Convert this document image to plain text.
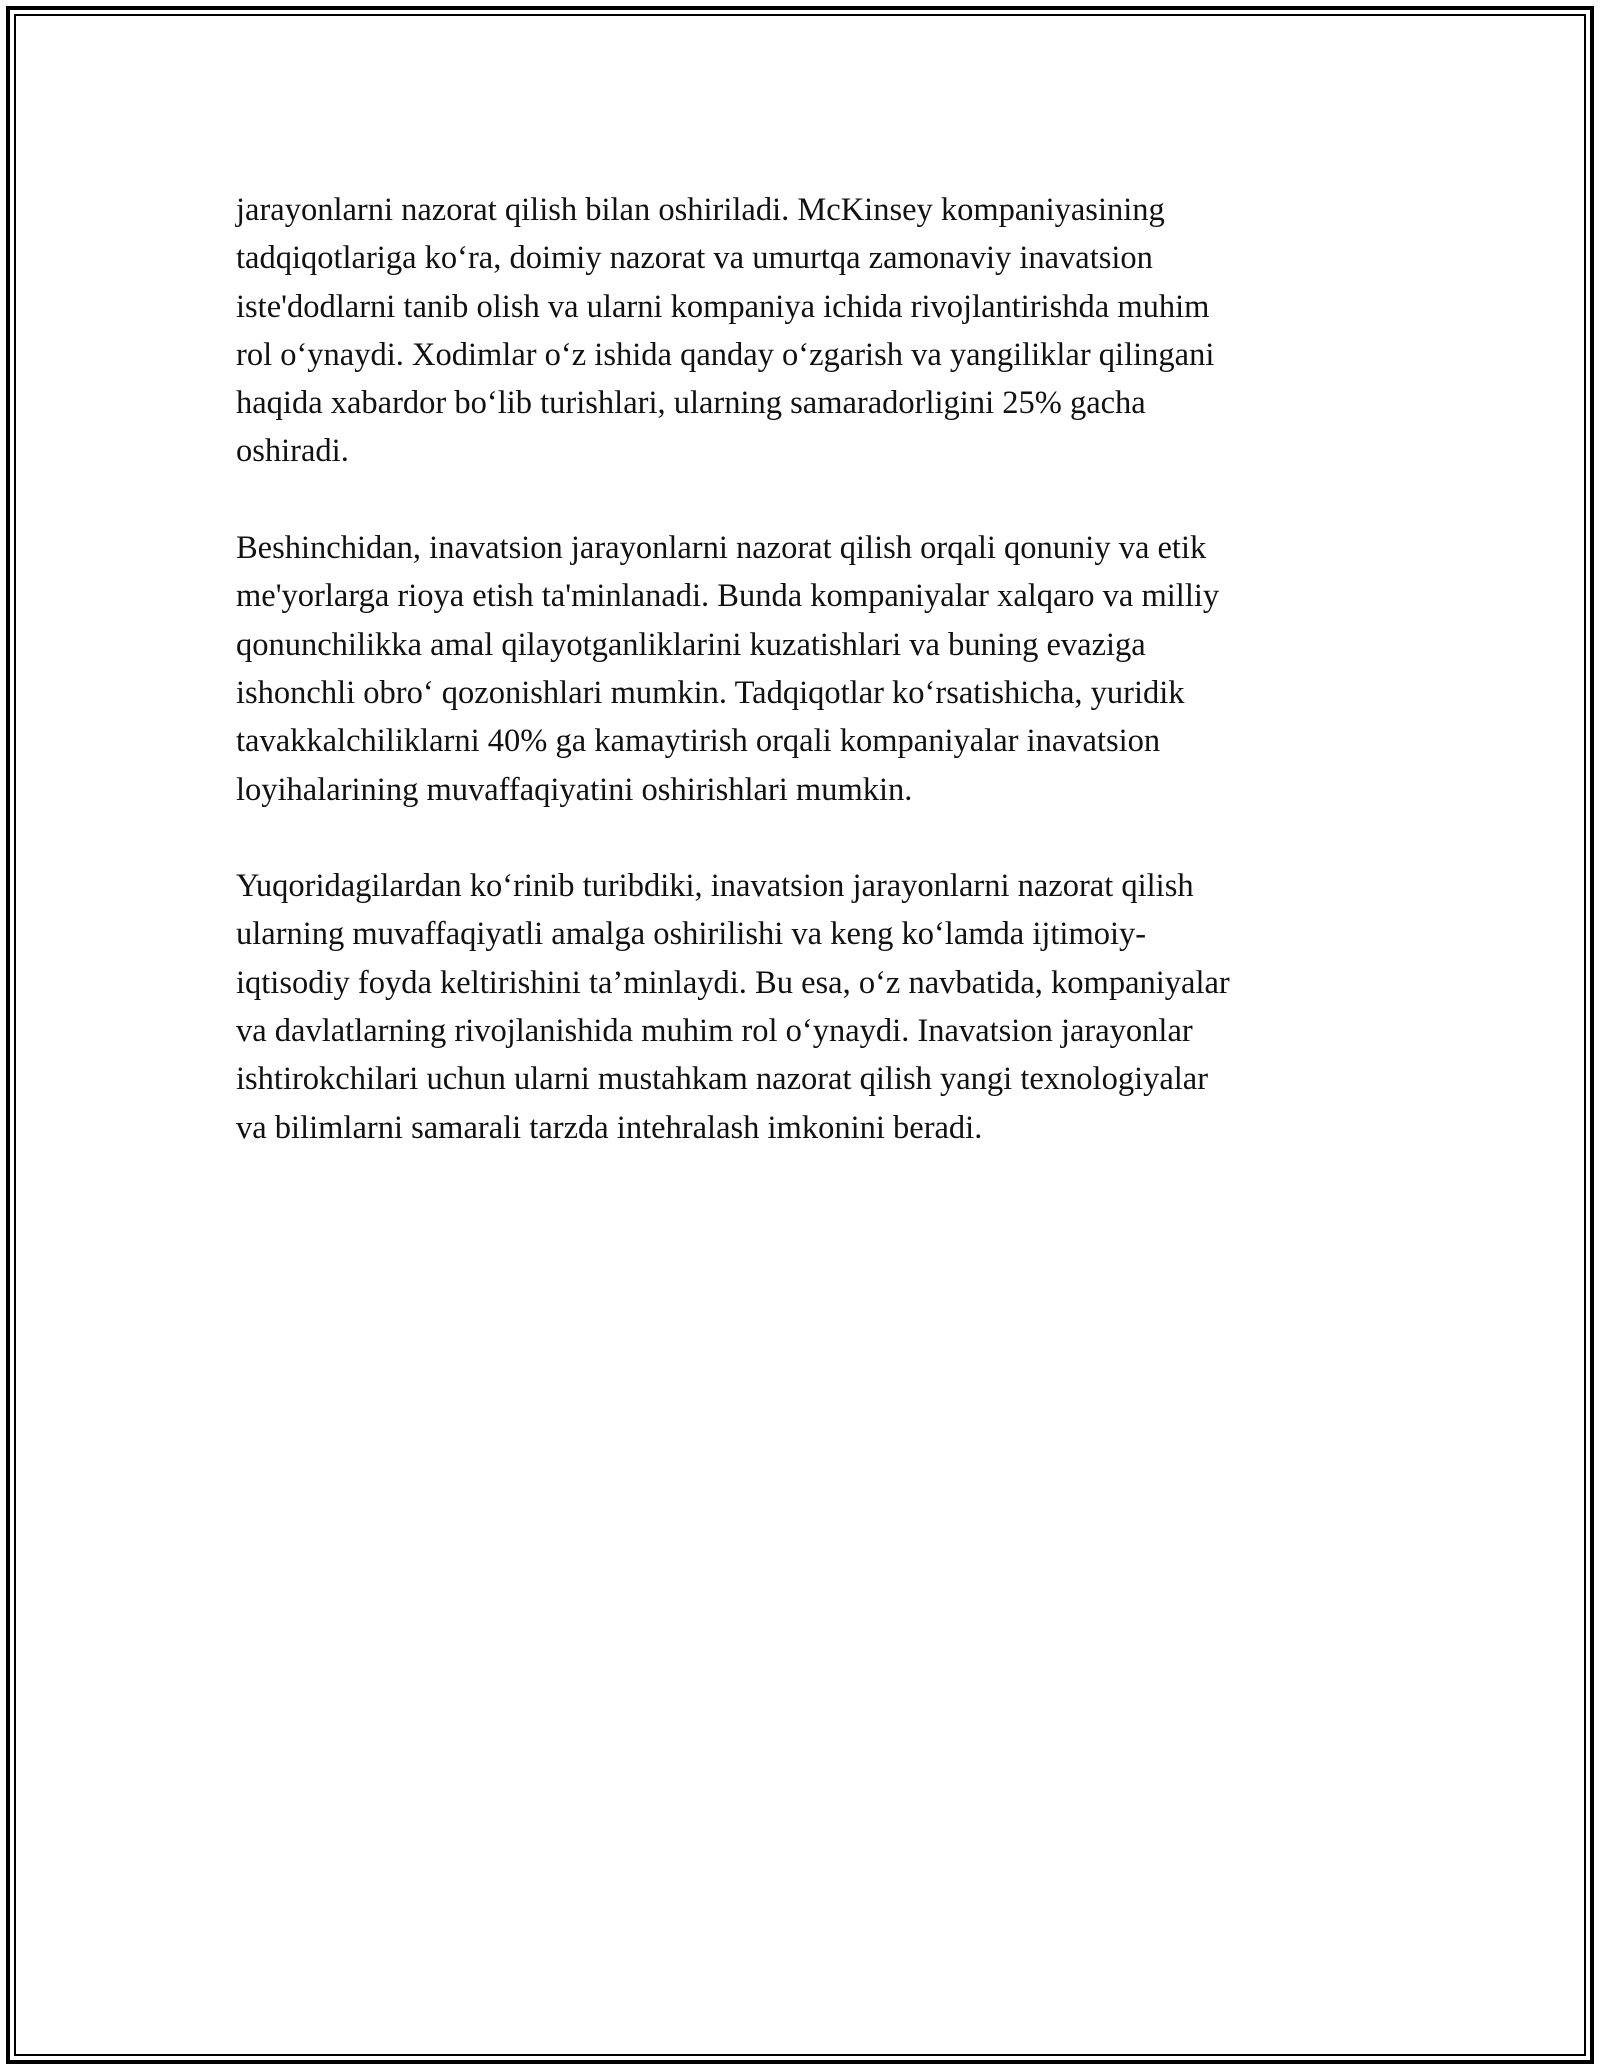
jarayonlarni nazorat qilish bilan oshiriladi. McKinsey kompaniyasining
tadqiqotlariga ko‘ra, doimiy nazorat va umurtqa zamonaviy inavatsion
iste'dodlarni tanib olish va ularni kompaniya ichida rivojlantirishda muhim
rol o‘ynaydi. Xodimlar o‘z ishida qanday o‘zgarish va yangiliklar qilingani
haqida xabardor bo‘lib turishlari, ularning samaradorligini 25% gacha
oshiradi.

Beshinchidan, inavatsion jarayonlarni nazorat qilish orqali qonuniy va etik
me'yorlarga rioya etish ta'minlanadi. Bunda kompaniyalar xalqaro va milliy
qonunchilikka amal qilayotganliklarini kuzatishlari va buning evaziga
ishonchli obro‘ qozonishlari mumkin. Tadqiqotlar ko‘rsatishicha, yuridik
tavakkalchiliklarni 40% ga kamaytirish orqali kompaniyalar inavatsion
loyihalarining muvaffaqiyatini oshirishlari mumkin.

Yuqoridagilardan ko‘rinib turibdiki, inavatsion jarayonlarni nazorat qilish
ularning muvaffaqiyatli amalga oshirilishi va keng ko‘lamda ijtimoiy-
iqtisodiy foyda keltirishini ta’minlaydi. Bu esa, o‘z navbatida, kompaniyalar
va davlatlarning rivojlanishida muhim rol o‘ynaydi. Inavatsion jarayonlar
ishtirokchilari uchun ularni mustahkam nazorat qilish yangi texnologiyalar
va bilimlarni samarali tarzda intehralash imkonini beradi.
